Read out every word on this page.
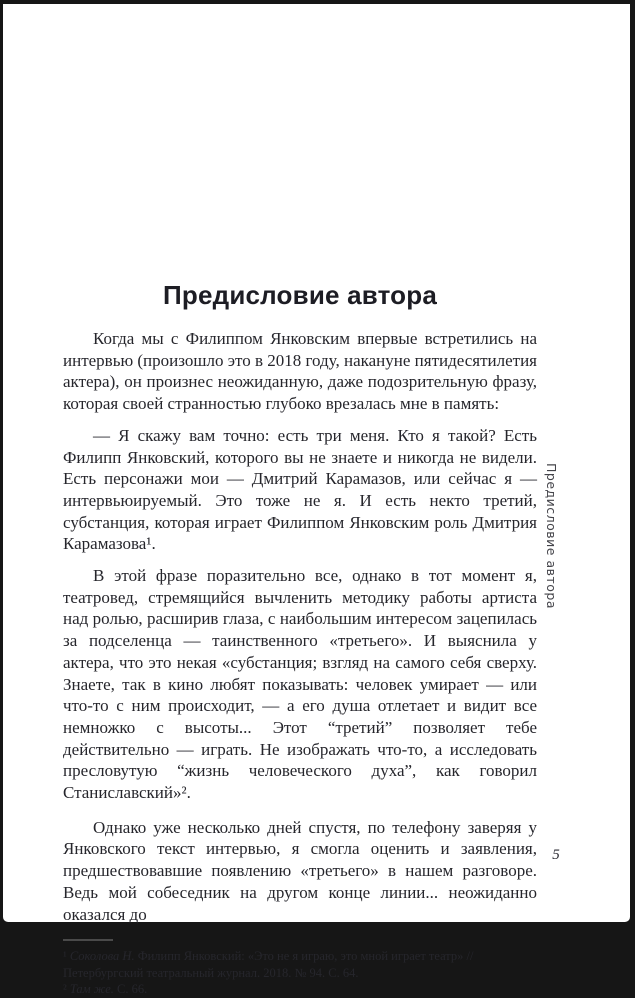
Предисловие автора

Когда мы с Филиппом Янковским впервые встретились на интервью (произошло это в 2018 году, накануне пятидесятилетия актера), он произнес неожиданную, даже подозрительную фразу, которая своей странностью глубоко врезалась мне в память:

— Я скажу вам точно: есть три меня. Кто я такой? Есть Филипп Янковский, которого вы не знаете и никогда не видели. Есть персонажи мои — Дмитрий Карамазов, или сейчас я — интервьюируемый. Это тоже не я. И есть некто третий, субстанция, которая играет Филиппом Янковским роль Дмитрия Карамазова¹.

В этой фразе поразительно все, однако в тот момент я, театровед, стремящийся вычленить методику работы артиста над ролью, расширив глаза, с наибольшим интересом зацепилась за подселенца — таинственного «третьего». И выяснила у актера, что это некая «субстанция; взгляд на самого себя сверху. Знаете, так в кино любят показывать: человек умирает — или что-то с ним происходит, — а его душа отлетает и видит все немножко с высоты... Этот “третий” позволяет тебе действительно — играть. Не изображать что-то, а исследовать пресловутую “жизнь человеческого духа”, как говорил Станиславский»².

Однако уже несколько дней спустя, по телефону заверяя у Янковского текст интервью, я смогла оценить и заявления, предшествовавшие появлению «третьего» в нашем разговоре. Ведь мой собеседник на другом конце линии... неожиданно оказался до

¹ Соколова Н. Филипп Янковский: «Это не я играю, это мной играет театр» // Петербургский театральный журнал. 2018. № 94. С. 64.

² Там же. С. 66.

Предисловие автора
5
